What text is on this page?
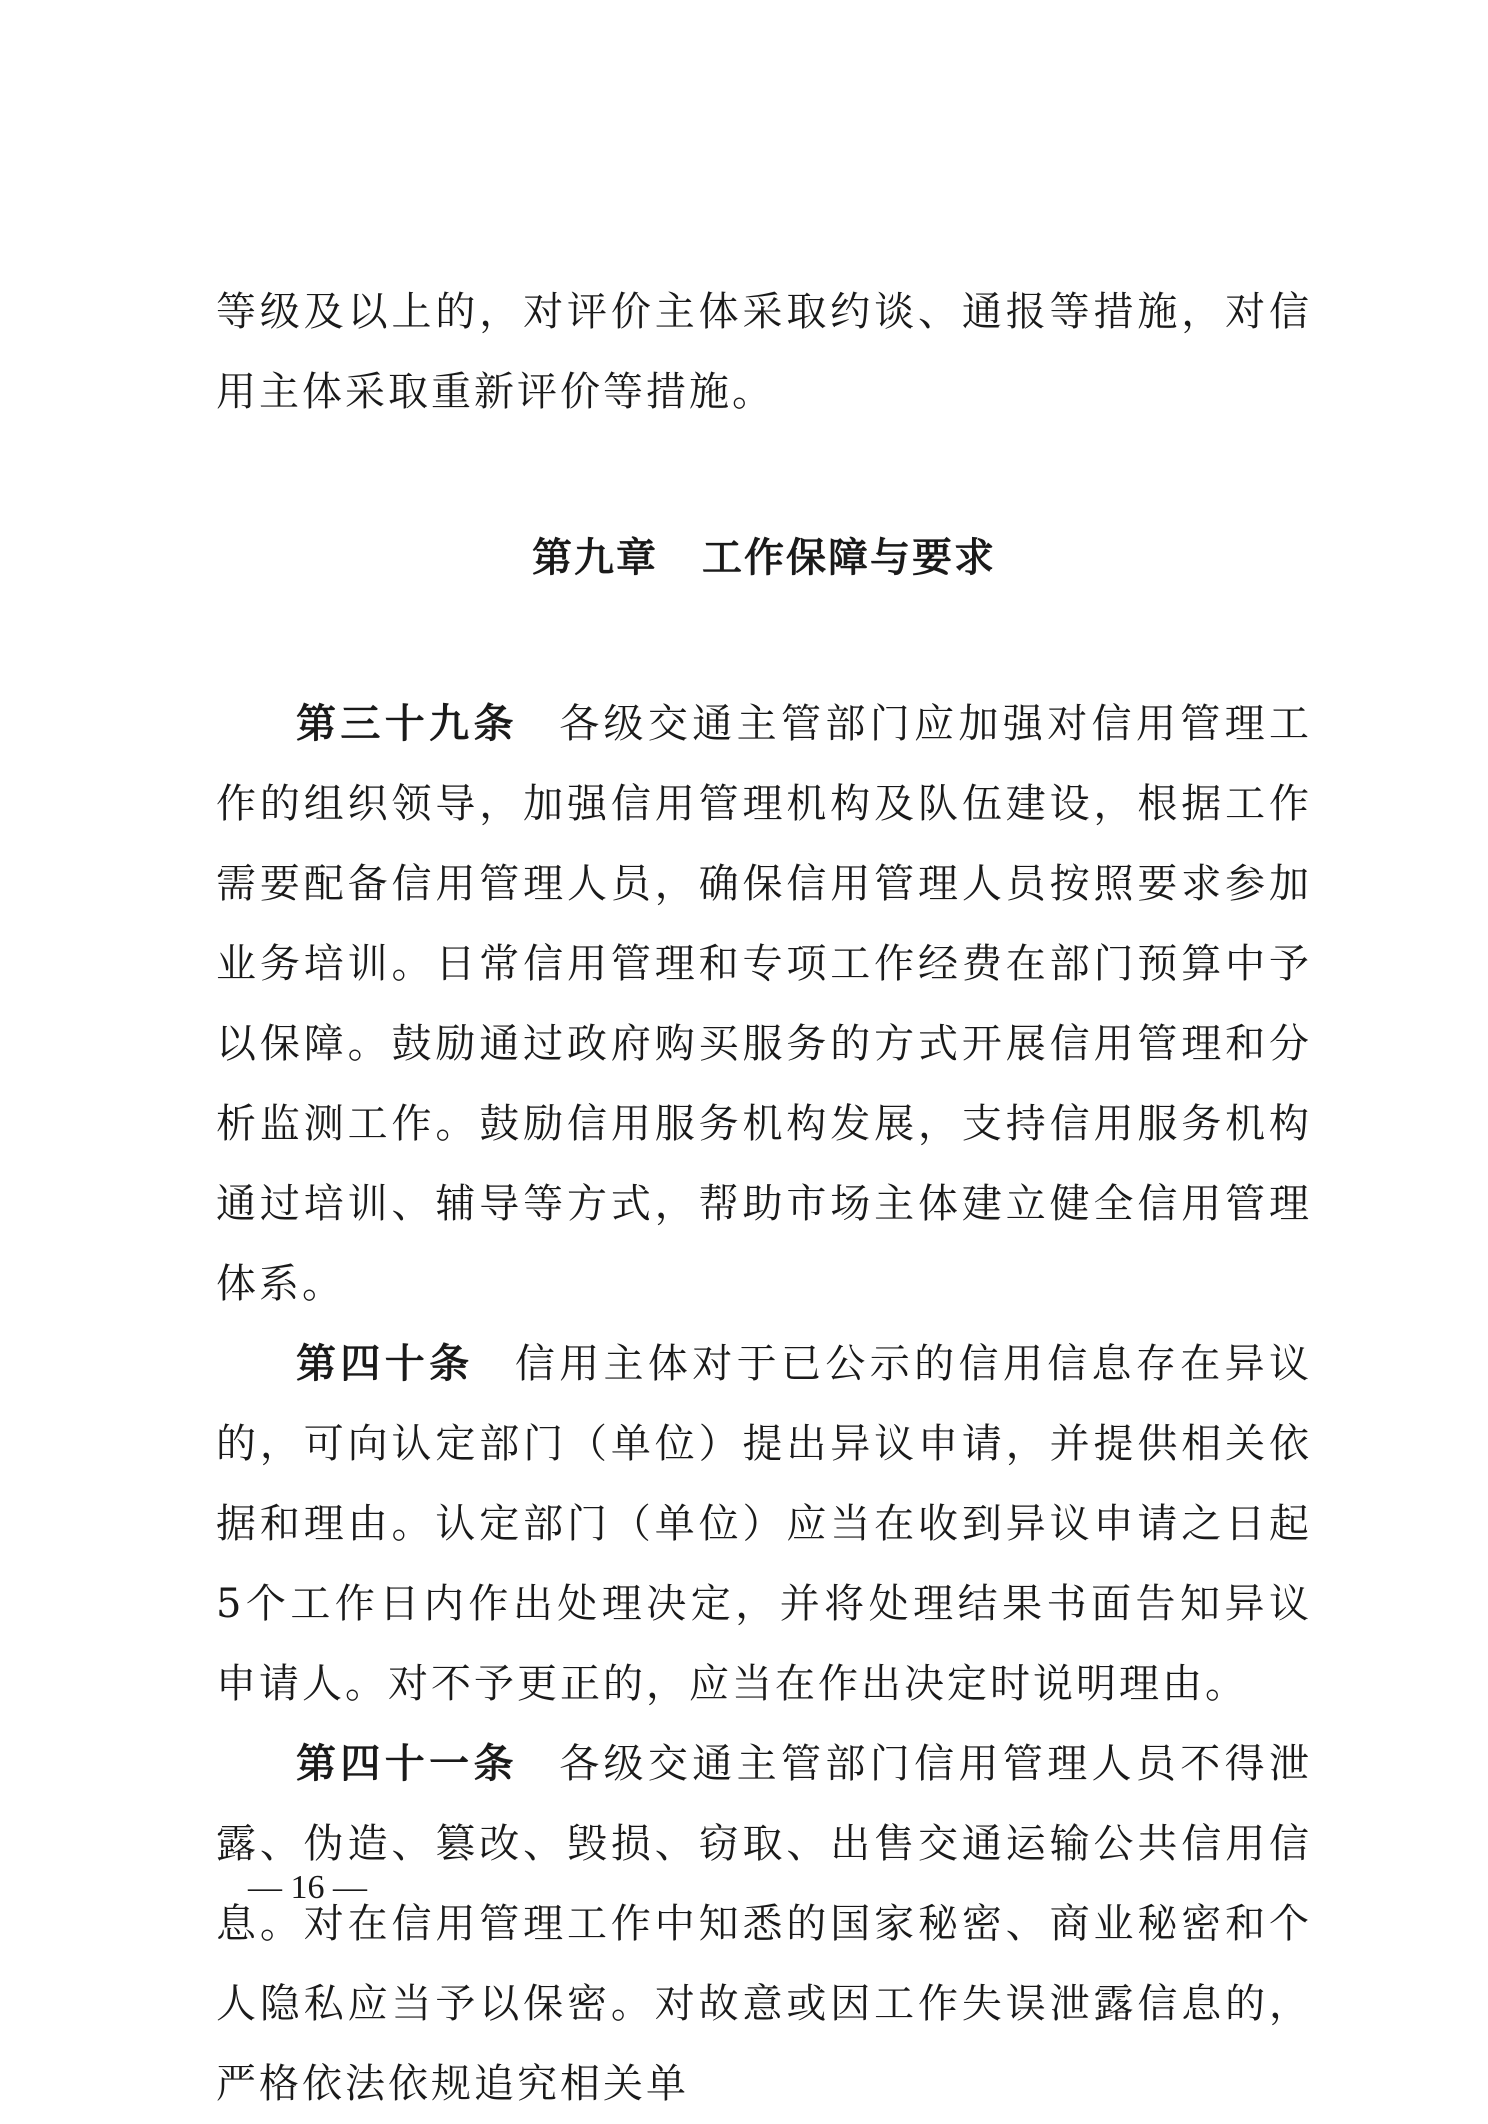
等级及以上的，对评价主体采取约谈、通报等措施，对信用主体采取重新评价等措施。

第九章 工作保障与要求

第三十九条 各级交通主管部门应加强对信用管理工作的组织领导，加强信用管理机构及队伍建设，根据工作需要配备信用管理人员，确保信用管理人员按照要求参加业务培训。日常信用管理和专项工作经费在部门预算中予以保障。鼓励通过政府购买服务的方式开展信用管理和分析监测工作。鼓励信用服务机构发展，支持信用服务机构通过培训、辅导等方式，帮助市场主体建立健全信用管理体系。

第四十条 信用主体对于已公示的信用信息存在异议的，可向认定部门（单位）提出异议申请，并提供相关依据和理由。认定部门（单位）应当在收到异议申请之日起5个工作日内作出处理决定，并将处理结果书面告知异议申请人。对不予更正的，应当在作出决定时说明理由。

第四十一条 各级交通主管部门信用管理人员不得泄露、伪造、篡改、毁损、窃取、出售交通运输公共信用信息。对在信用管理工作中知悉的国家秘密、商业秘密和个人隐私应当予以保密。对故意或因工作失误泄露信息的，严格依法依规追究相关单

— 16 —
